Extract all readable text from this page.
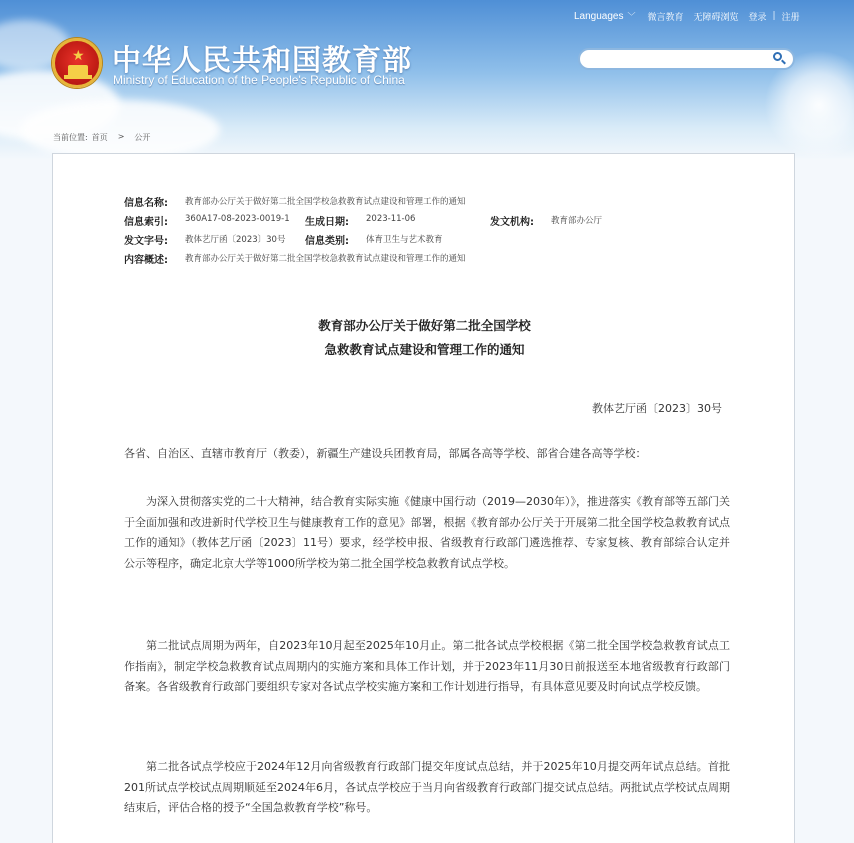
★ 中华人民共和国教育部
Ministry of Education of the People's Republic of China
Languages ﹀ 微言教育 无障碍浏览 登录 | 注册
当前位置: 首页 > 公开
信息名称: 教育部办公厅关于做好第二批全国学校急救教育试点建设和管理工作的通知
信息索引: 360A17-08-2023-0019-1 生成日期: 2023-11-06	发文机构: 教育部办公厅
发文字号: 教体艺厅函〔2023〕30号 信息类别: 体育卫生与艺术教育
内容概述: 教育部办公厅关于做好第二批全国学校急救教育试点建设和管理工作的通知
教育部办公厅关于做好第二批全国学校
急救教育试点建设和管理工作的通知
教体艺厅函〔2023〕30号
各省、自治区、直辖市教育厅（教委），新疆生产建设兵团教育局，部属各高等学校、部省合建各高等学校：
为深入贯彻落实党的二十大精神，结合教育实际实施《健康中国行动（2019—2030年）》，推进落实《教育部等五部门关于全面加强和改进新时代学校卫生与健康教育工作的意见》部署，根据《教育部办公厅关于开展第二批全国学校急救教育试点工作的通知》（教体艺厅函〔2023〕11号）要求，经学校申报、省级教育行政部门遴选推荐、专家复核、教育部综合认定并公示等程序，确定北京大学等1000所学校为第二批全国学校急救教育试点学校。
第二批试点周期为两年，自2023年10月起至2025年10月止。第二批各试点学校根据《第二批全国学校急救教育试点工作指南》，制定学校急救教育试点周期内的实施方案和具体工作计划，并于2023年11月30日前报送至本地省级教育行政部门备案。各省级教育行政部门要组织专家对各试点学校实施方案和工作计划进行指导，有具体意见要及时向试点学校反馈。
第二批各试点学校应于2024年12月向省级教育行政部门提交年度试点总结，并于2025年10月提交两年试点总结。首批201所试点学校试点周期顺延至2024年6月，各试点学校应于当月向省级教育行政部门提交试点总结。两批试点学校试点周期结束后，评估合格的授予“全国急救教育学校”称号。
